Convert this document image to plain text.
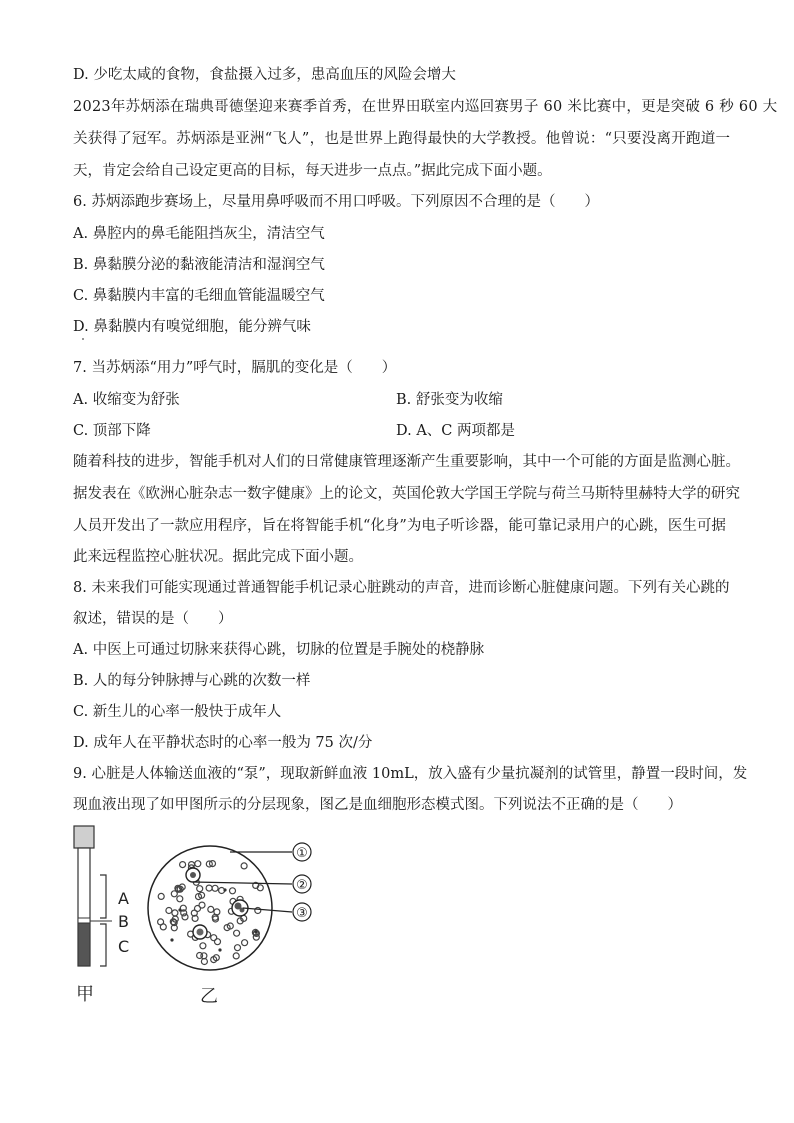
D. 少吃太咸的食物，食盐摄入过多，患高血压的风险会增大
2023年苏炳添在瑞典哥德堡迎来赛季首秀，在世界田联室内巡回赛男子 60 米比赛中，更是突破 6 秒 60 大
关获得了冠军。苏炳添是亚洲“飞人”，也是世界上跑得最快的大学教授。他曾说：“只要没离开跑道一
天，肯定会给自己设定更高的目标，每天进步一点点。”据此完成下面小题。
6. 苏炳添跑步赛场上，尽量用鼻呼吸而不用口呼吸。下列原因不合理的是（　　）
A. 鼻腔内的鼻毛能阻挡灰尘，清洁空气
B. 鼻黏膜分泌的黏液能清洁和湿润空气
C. 鼻黏膜内丰富的毛细血管能温暖空气
D. 鼻黏膜内有嗅觉细胞，能分辨气味
7. 当苏炳添“用力”呼气时，膈肌的变化是（　　）
A. 收缩变为舒张	B. 舒张变为收缩
C. 顶部下降	D. A、C 两项都是
随着科技的进步，智能手机对人们的日常健康管理逐渐产生重要影响，其中一个可能的方面是监测心脏。
据发表在《欧洲心脏杂志一数字健康》上的论文，英国伦敦大学国王学院与荷兰马斯特里赫特大学的研究
人员开发出了一款应用程序，旨在将智能手机“化身”为电子听诊器，能可靠记录用户的心跳，医生可据
此来远程监控心脏状况。据此完成下面小题。
8. 未来我们可能实现通过普通智能手机记录心脏跳动的声音，进而诊断心脏健康问题。下列有关心跳的
叙述，错误的是（　　）
A. 中医上可通过切脉来获得心跳，切脉的位置是手腕处的桡静脉
B. 人的每分钟脉搏与心跳的次数一样
C. 新生儿的心率一般快于成年人
D. 成年人在平静状态时的心率一般为 75 次/分
9. 心脏是人体输送血液的“泵”，现取新鲜血液 10mL，放入盛有少量抗凝剂的试管里，静置一段时间，发
现血液出现了如甲图所示的分层现象，图乙是血细胞形态模式图。下列说法不正确的是（　　）
A
B
C
甲
①
②
③
乙
